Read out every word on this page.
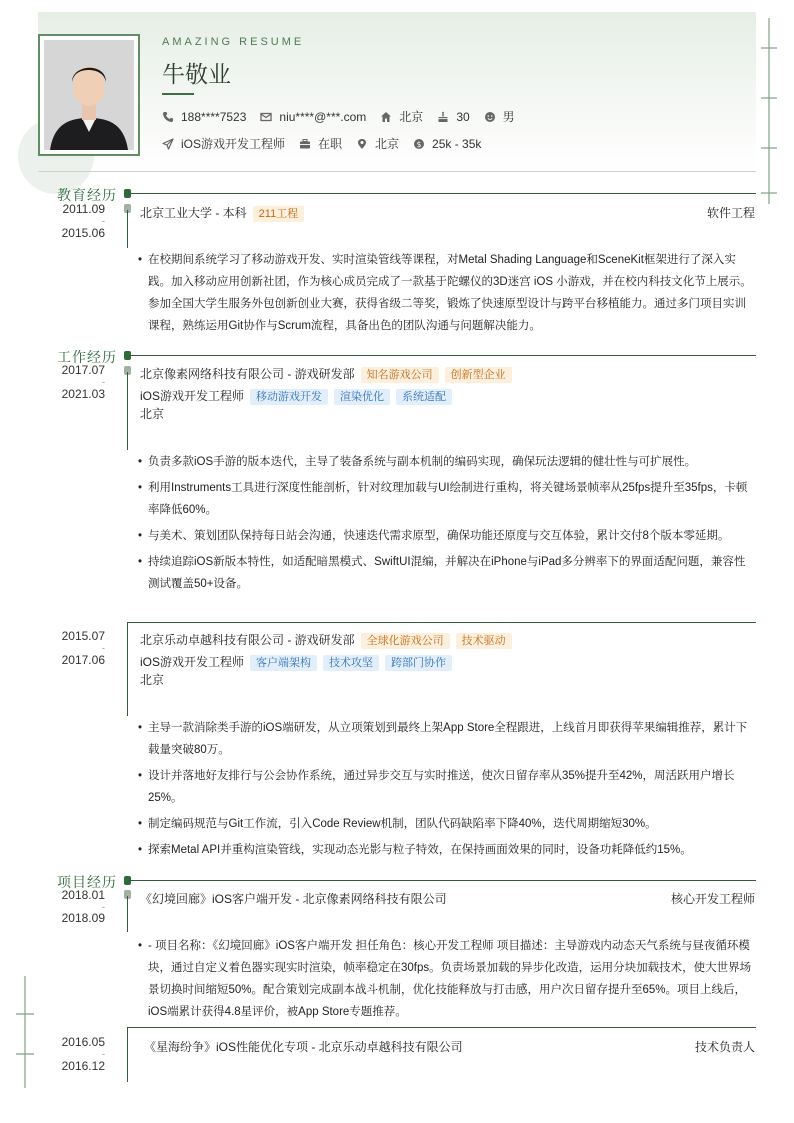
AMAZING RESUME
牛敬业
188****7523	niu****@***.com	北京	30	男
iOS游戏开发工程师	在职	北京 $ 25k - 35k
教育经历
2011.09
-
2015.06
北京工业大学 - 本科 211工程	软件工程
• 在校期间系统学习了移动游戏开发、实时渲染管线等课程，对Metal Shading Language和SceneKit框架进行了深入实践。加入移动应用创新社团，作为核心成员完成了一款基于陀螺仪的3D迷宫 iOS 小游戏，并在校内科技文化节上展示。参加全国大学生服务外包创新创业大赛，获得省级二等奖，锻炼了快速原型设计与跨平台移植能力。通过多门项目实训课程，熟练运用Git协作与Scrum流程，具备出色的团队沟通与问题解决能力。
工作经历
2017.07
-
2021.03
北京像素网络科技有限公司 - 游戏研发部 知名游戏公司 创新型企业
iOS游戏开发工程师 移动游戏开发 渲染优化 系统适配
北京
• 负责多款iOS手游的版本迭代，主导了装备系统与副本机制的编码实现，确保玩法逻辑的健壮性与可扩展性。
• 利用Instruments工具进行深度性能剖析，针对纹理加载与UI绘制进行重构，将关键场景帧率从25fps提升至35fps，卡顿率降低60%。
• 与美术、策划团队保持每日站会沟通，快速迭代需求原型，确保功能还原度与交互体验，累计交付8个版本零延期。
• 持续追踪iOS新版本特性，如适配暗黑模式、SwiftUI混编，并解决在iPhone与iPad多分辨率下的界面适配问题，兼容性测试覆盖50+设备。
2015.07
-
2017.06
北京乐动卓越科技有限公司 - 游戏研发部 全球化游戏公司 技术驱动
iOS游戏开发工程师 客户端架构 技术攻坚 跨部门协作
北京
• 主导一款消除类手游的iOS端研发，从立项策划到最终上架App Store全程跟进，上线首月即获得苹果编辑推荐，累计下载量突破80万。
• 设计并落地好友排行与公会协作系统，通过异步交互与实时推送，使次日留存率从35%提升至42%，周活跃用户增长25%。
• 制定编码规范与Git工作流，引入Code Review机制，团队代码缺陷率下降40%，迭代周期缩短30%。
• 探索Metal API并重构渲染管线，实现动态光影与粒子特效，在保持画面效果的同时，设备功耗降低约15%。
项目经历
2018.01
-
2018.09
《幻境回廊》iOS客户端开发 - 北京像素网络科技有限公司	核心开发工程师
• - 项目名称：《幻境回廊》iOS客户端开发 担任角色：核心开发工程师 项目描述：主导游戏内动态天气系统与昼夜循环模块，通过自定义着色器实现实时渲染，帧率稳定在30fps。负责场景加载的异步化改造，运用分块加载技术，使大世界场景切换时间缩短50%。配合策划完成副本战斗机制，优化技能释放与打击感，用户次日留存提升至65%。项目上线后，iOS端累计获得4.8星评价，被App Store专题推荐。
2016.05
-
2016.12
《星海纷争》iOS性能优化专项 - 北京乐动卓越科技有限公司	技术负责人
